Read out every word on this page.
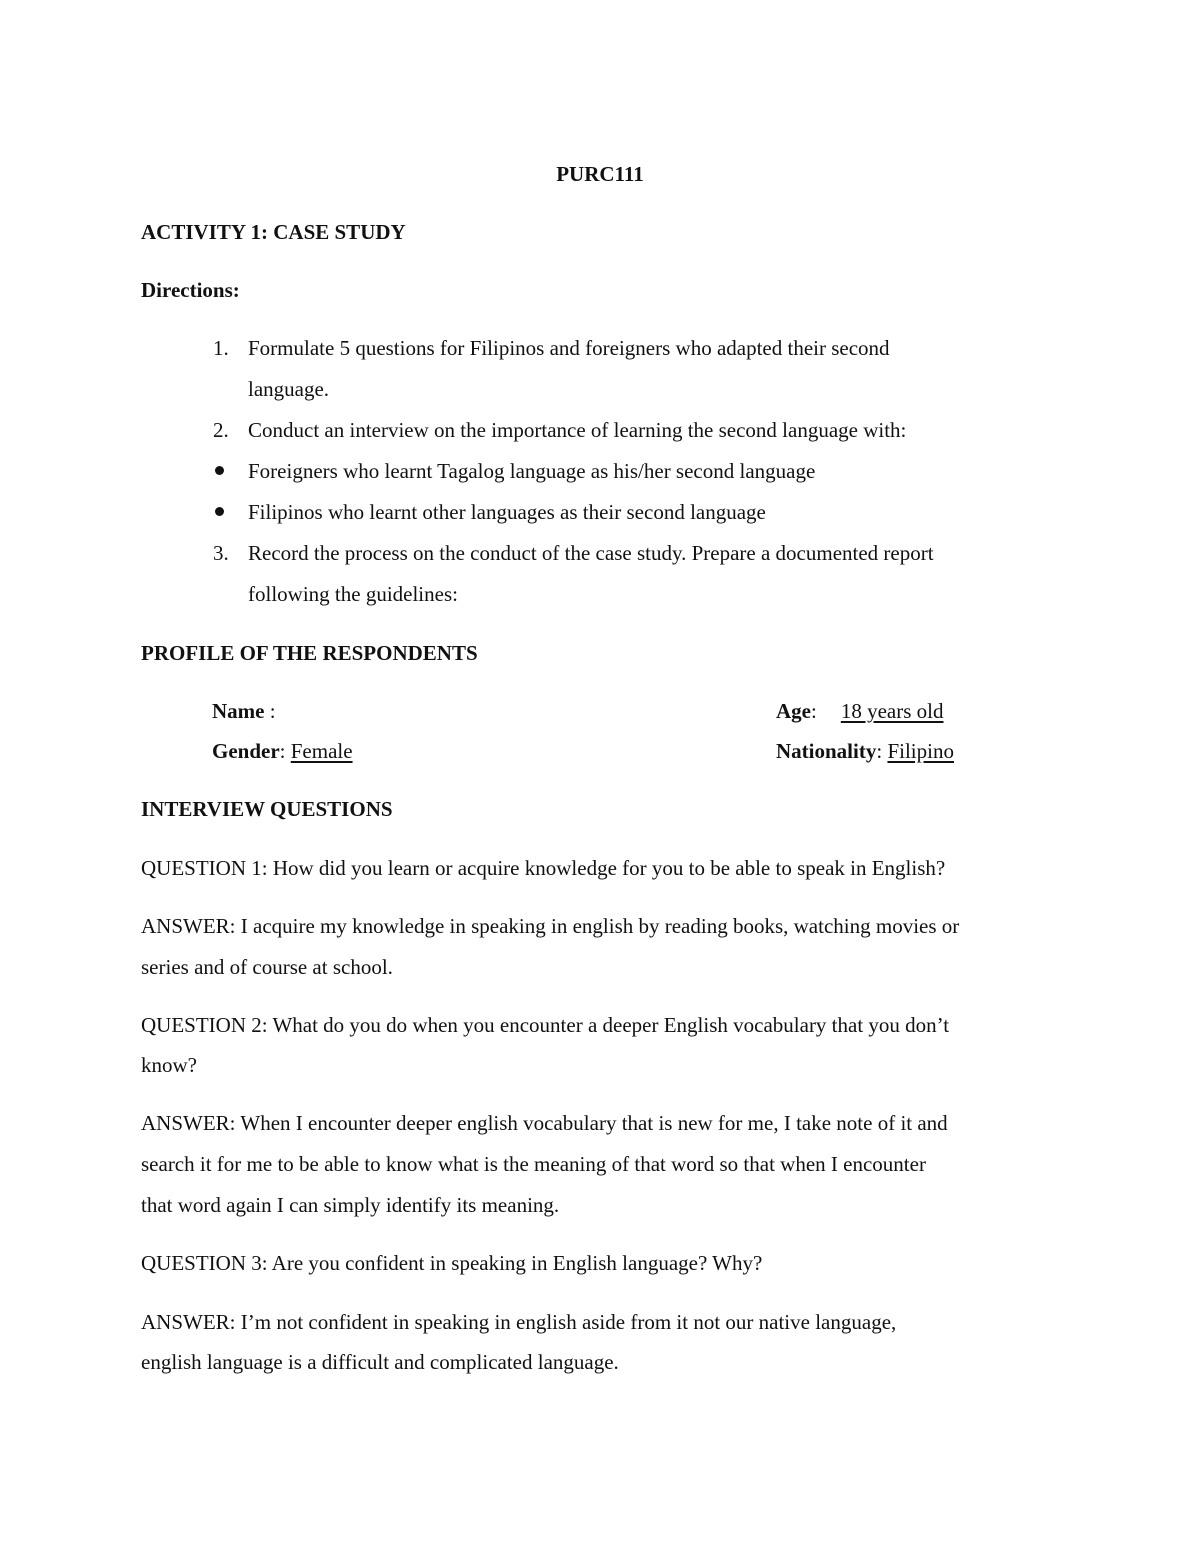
PURC111
ACTIVITY 1: CASE STUDY
Directions:
1. Formulate 5 questions for Filipinos and foreigners who adapted their second
language.
2. Conduct an interview on the importance of learning the second language with:
Foreigners who learnt Tagalog language as his/her second language
Filipinos who learnt other languages as their second language
3. Record the process on the conduct of the case study. Prepare a documented report
following the guidelines:
PROFILE OF THE RESPONDENTS
Name :	Age: 18 years old
Gender: Female	Nationality: Filipino
INTERVIEW QUESTIONS
QUESTION 1: How did you learn or acquire knowledge for you to be able to speak in English?
ANSWER: I acquire my knowledge in speaking in english by reading books, watching movies or
series and of course at school.
QUESTION 2: What do you do when you encounter a deeper English vocabulary that you don’t
know?
ANSWER: When I encounter deeper english vocabulary that is new for me, I take note of it and
search it for me to be able to know what is the meaning of that word so that when I encounter
that word again I can simply identify its meaning.
QUESTION 3: Are you confident in speaking in English language? Why?
ANSWER: I’m not confident in speaking in english aside from it not our native language,
english language is a difficult and complicated language.
